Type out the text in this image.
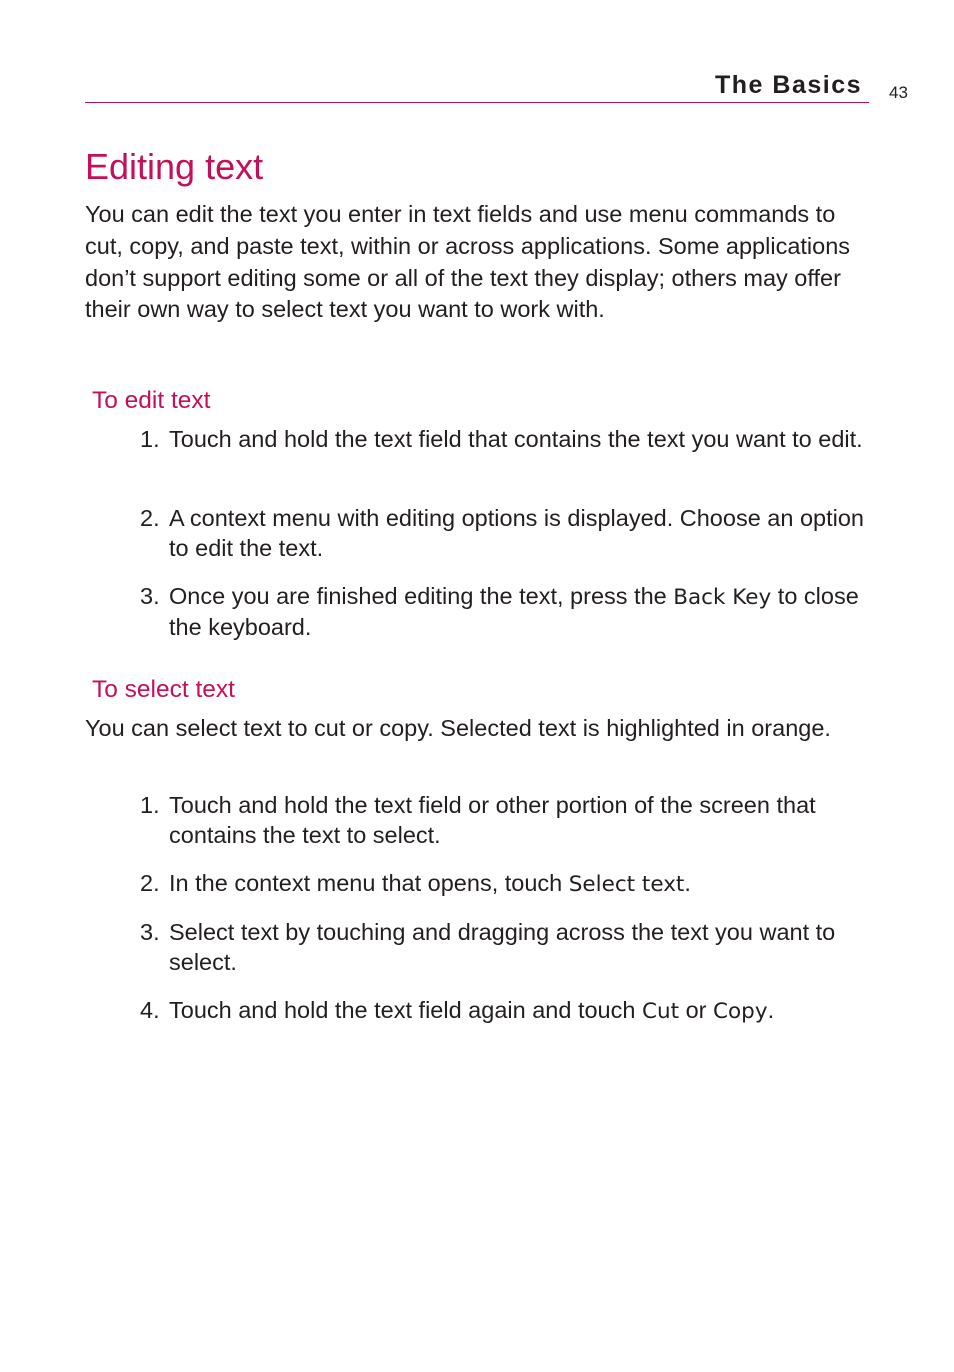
The Basics 43
Editing text

You can edit the text you enter in text fields and use menu commands to cut, copy, and paste text, within or across applications. Some applications don’t support editing some or all of the text they display; others may offer their own way to select text you want to work with.

To edit text
1. Touch and hold the text field that contains the text you want to edit.
2. A context menu with editing options is displayed. Choose an option to edit the text.
3. Once you are finished editing the text, press the Back Key to close the keyboard.
To select text

You can select text to cut or copy. Selected text is highlighted in orange.

1. Touch and hold the text field or other portion of the screen that contains the text to select.
2. In the context menu that opens, touch Select text.
3. Select text by touching and dragging across the text you want to select.
4. Touch and hold the text field again and touch Cut or Copy.
